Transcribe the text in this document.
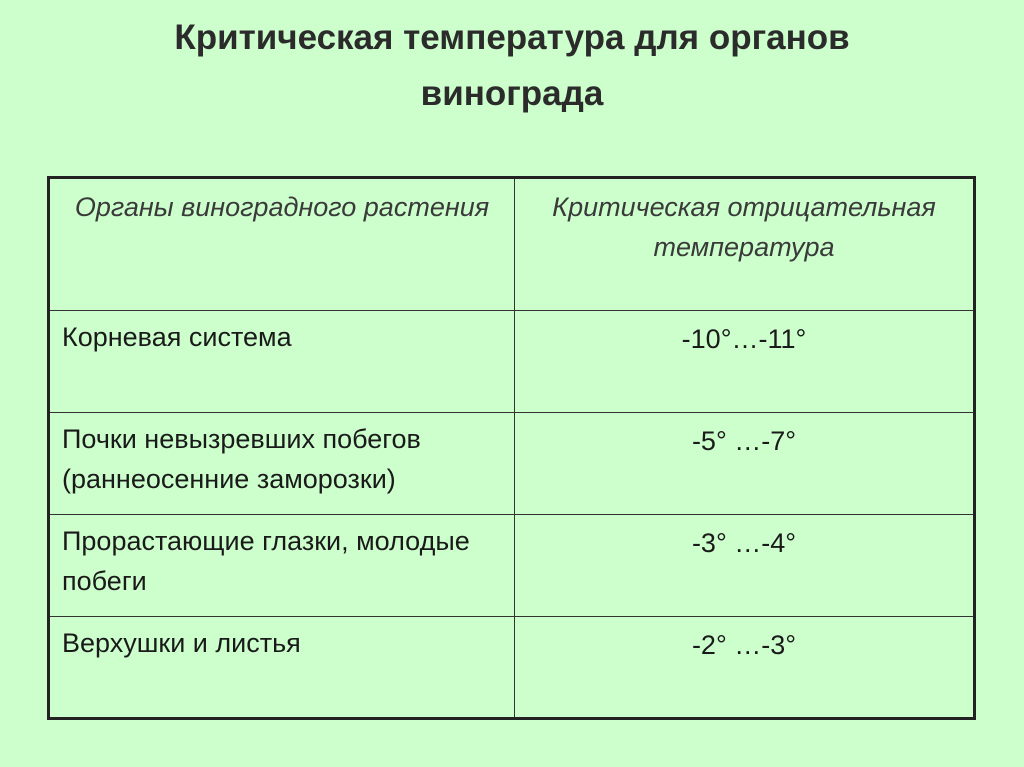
Критическая температура для органов
винограда
Органы виноградного растения	Критическая отрицательная температура
Корневая система	-10°…-11°
Почки невызревших побегов (раннеосенние заморозки)	-5° …-7°
Прорастающие глазки, молодые побеги	-3° …-4°
Верхушки и листья	-2° …-3°
